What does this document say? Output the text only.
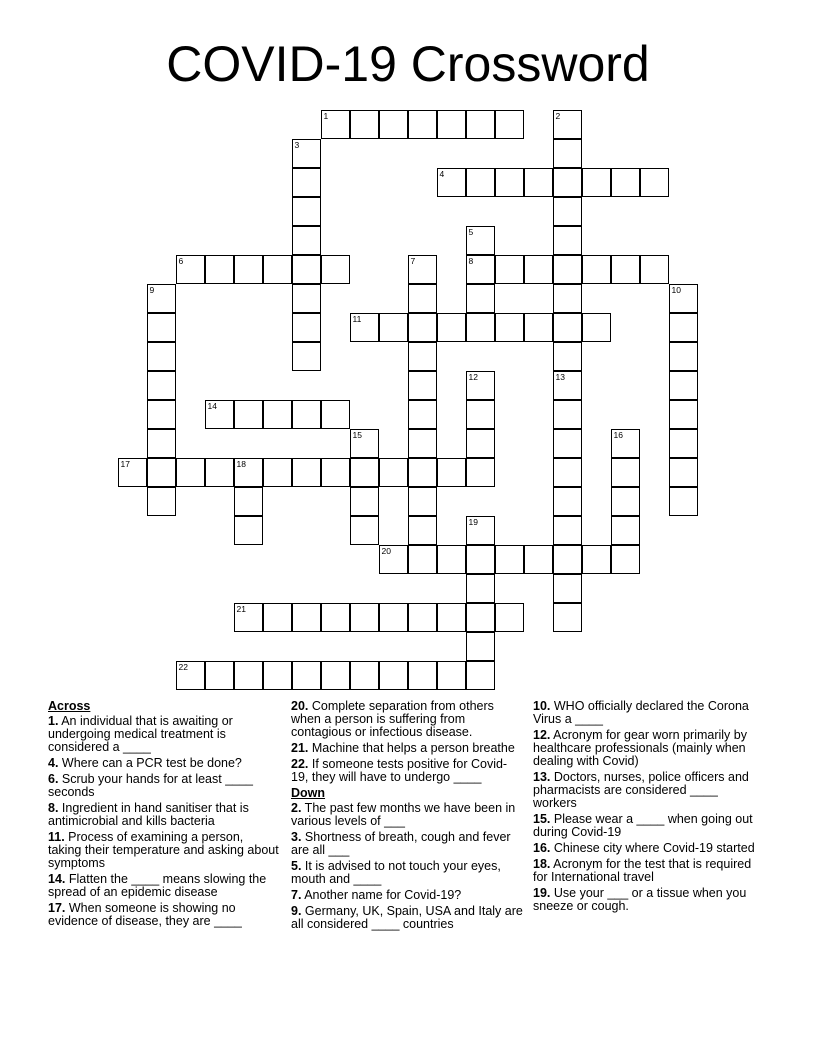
COVID-19 Crossword
1	2
13
3
4
5
8
6	7
9	10
11
12
14
15	16
17	18
19
20
21
22
Across
1. An individual that is awaiting or undergoing medical treatment is considered a ____
4. Where can a PCR test be done?
6. Scrub your hands for at least ____ seconds
8. Ingredient in hand sanitiser that is antimicrobial and kills bacteria
11. Process of examining a person, taking their temperature and asking about symptoms
14. Flatten the ____ means slowing the spread of an epidemic disease
17. When someone is showing no evidence of disease, they are ____
20. Complete separation from others when a person is suffering from contagious or infectious disease.
21. Machine that helps a person breathe
22. If someone tests positive for Covid-19, they will have to undergo ____
Down
2. The past few months we have been in various levels of ___
3. Shortness of breath, cough and fever are all ___
5. It is advised to not touch your eyes, mouth and ____
7. Another name for Covid-19?
9. Germany, UK, Spain, USA and Italy are all considered ____ countries
10. WHO officially declared the Corona Virus a ____
12. Acronym for gear worn primarily by healthcare professionals (mainly when dealing with Covid)
13. Doctors, nurses, police officers and pharmacists are considered ____ workers
15. Please wear a ____ when going out during Covid-19
16. Chinese city where Covid-19 started
18. Acronym for the test that is required for International travel
19. Use your ___ or a tissue when you sneeze or cough.
